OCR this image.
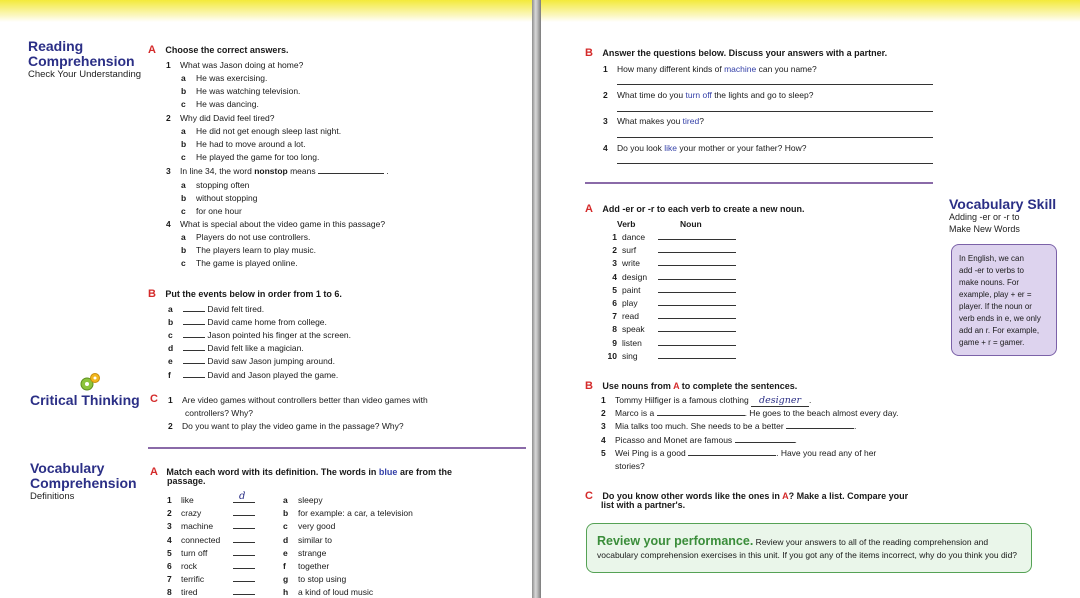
Reading
Comprehension
Check Your Understanding
A Choose the correct answers.
1 What was Jason doing at home?
a He was exercising.
b He was watching television.
c He was dancing.
2 Why did David feel tired?
a He did not get enough sleep last night.
b He had to move around a lot.
c He played the game for too long.
3 In line 34, the word nonstop means	.
a stopping often
b without stopping
c for one hour
4 What is special about the video game in this passage?
a Players do not use controllers.
b The players learn to play music.
c The game is played online.
B Put the events below in order from 1 to 6.
a	David felt tired.
b	David came home from college.
c	Jason pointed his finger at the screen.
d	David felt like a magician.
e	David saw Jason jumping around.
f	David and Jason played the game.
Critical Thinking C 1 Are video games without controllers better than video games with
controllers? Why?
2 Do you want to play the video game in the passage? Why?
Vocabulary
Comprehension
Definitions
A Match each word with its definition. The words in blue are from the
passage.
1 like	a sleepy
2 crazy	b for example: a car, a television
3 machine	c very good
4 connected	d similar to
5 turn off	e strange
6 rock	f together
7 terrific	g to stop using
8 tired	h a kind of loud music
d
B Answer the questions below. Discuss your answers with a partner.
1 How many different kinds of machine can you name?
2 What time do you turn off the lights and go to sleep?
3 What makes you tired?
4 Do you look like your mother or your father? How?
Vocabulary Skill
Adding -er or -r to
Make New Words
In English, we can
add -er to verbs to
make nouns. For
example, play + er =
player. If the noun or
verb ends in e, we only
add an r. For example,
game + r = gamer.
A Add -er or -r to each verb to create a new noun.
Verb	Noun
1 dance
2 surf
3 write
4 design
5 paint
6 play
7 read
8 speak
9 listen
10 sing
B Use nouns from A to complete the sentences.
1 Tommy Hilfiger is a famous clothing designer .
2 Marco is a	. He goes to the beach almost every day.
3 Mia talks too much. She needs to be a better	.
4 Picasso and Monet are famous	.
5 Wei Ping is a good	. Have you read any of her
stories?
C Do you know other words like the ones in A? Make a list. Compare your
list with a partner's.
Review your performance. Review your answers to all of the reading comprehension and
vocabulary comprehension exercises in this unit. If you got any of the items incorrect, why do you think you did?
